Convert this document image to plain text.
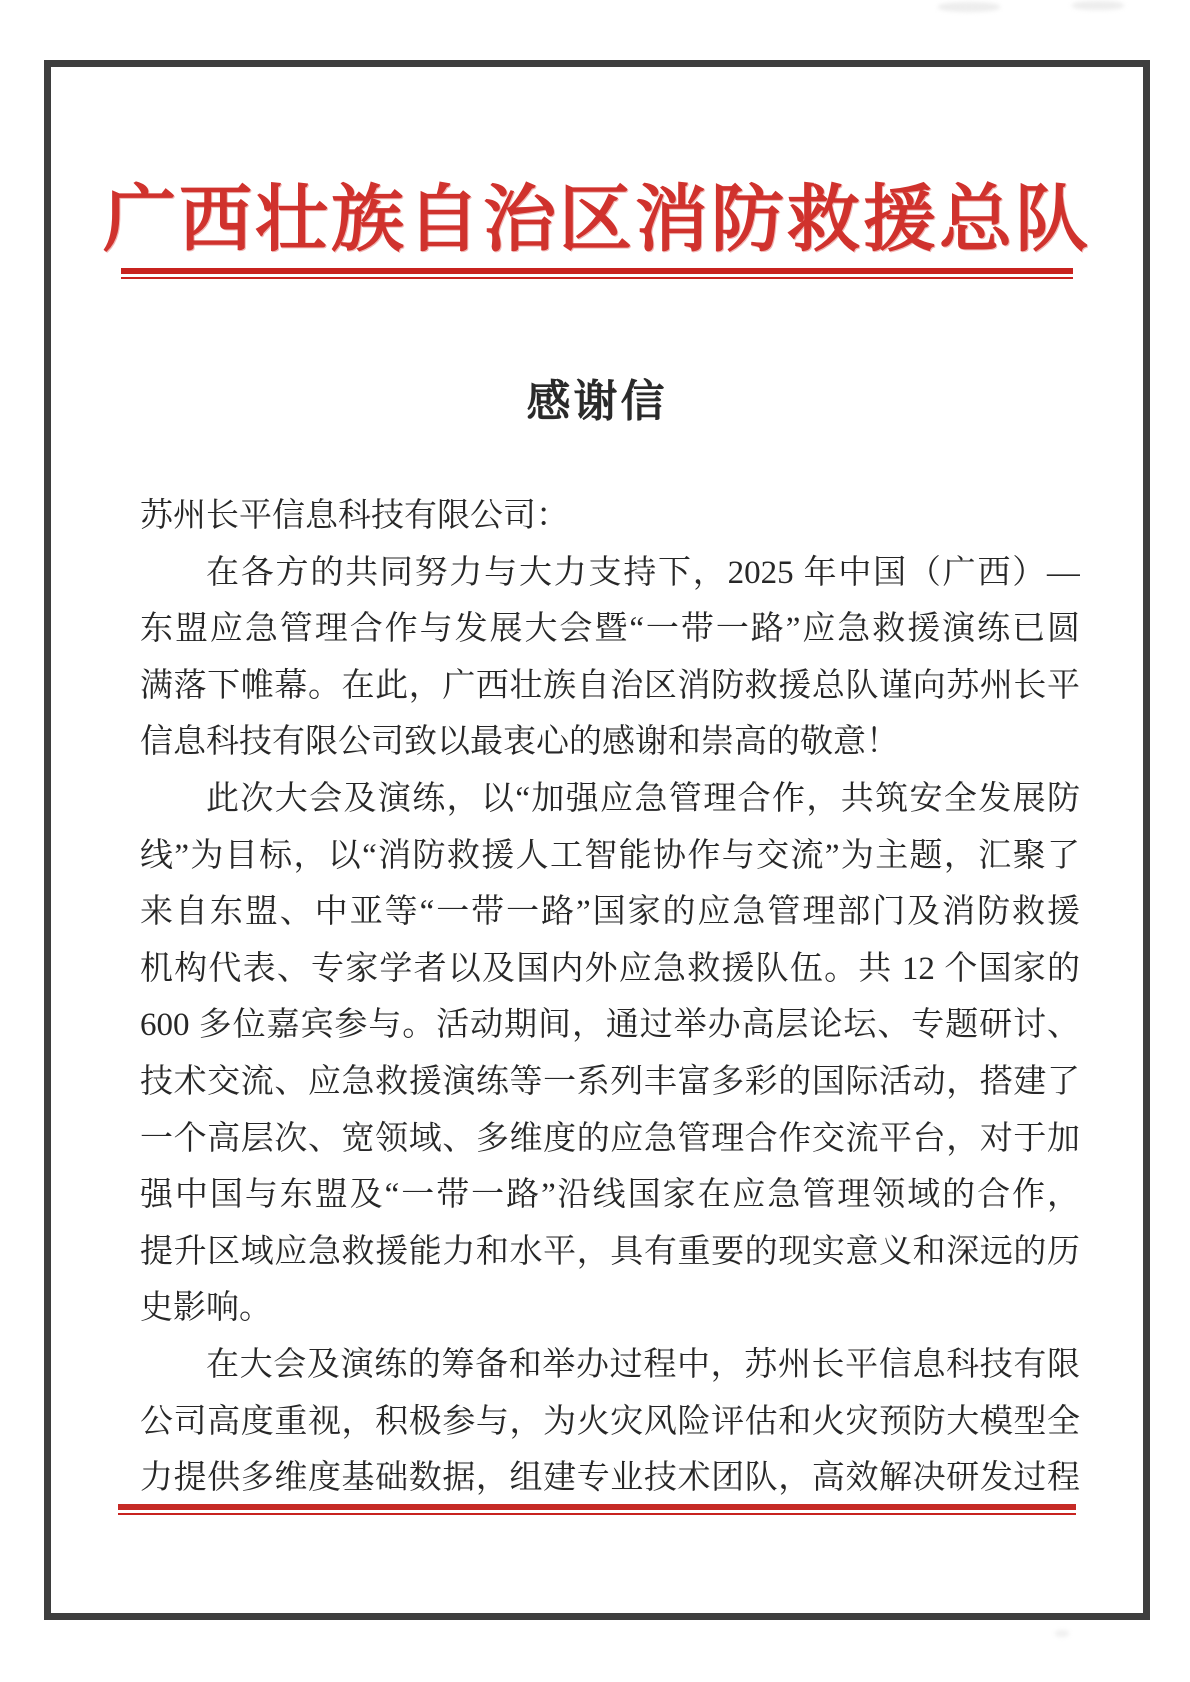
广西壮族自治区消防救援总队
感谢信
苏州长平信息科技有限公司：
在各方的共同努力与大力支持下，2025 年中国（广西）—
东盟应急管理合作与发展大会暨“一带一路”应急救援演练已圆
满落下帷幕。在此，广西壮族自治区消防救援总队谨向苏州长平
信息科技有限公司致以最衷心的感谢和崇高的敬意！
此次大会及演练，以“加强应急管理合作，共筑安全发展防
线”为目标，以“消防救援人工智能协作与交流”为主题，汇聚了
来自东盟、中亚等“一带一路”国家的应急管理部门及消防救援
机构代表、专家学者以及国内外应急救援队伍。共 12 个国家的
600 多位嘉宾参与。活动期间，通过举办高层论坛、专题研讨、
技术交流、应急救援演练等一系列丰富多彩的国际活动，搭建了
一个高层次、宽领域、多维度的应急管理合作交流平台，对于加
强中国与东盟及“一带一路”沿线国家在应急管理领域的合作，
提升区域应急救援能力和水平，具有重要的现实意义和深远的历
史影响。
在大会及演练的筹备和举办过程中，苏州长平信息科技有限
公司高度重视，积极参与，为火灾风险评估和火灾预防大模型全
力提供多维度基础数据，组建专业技术团队，高效解决研发过程
